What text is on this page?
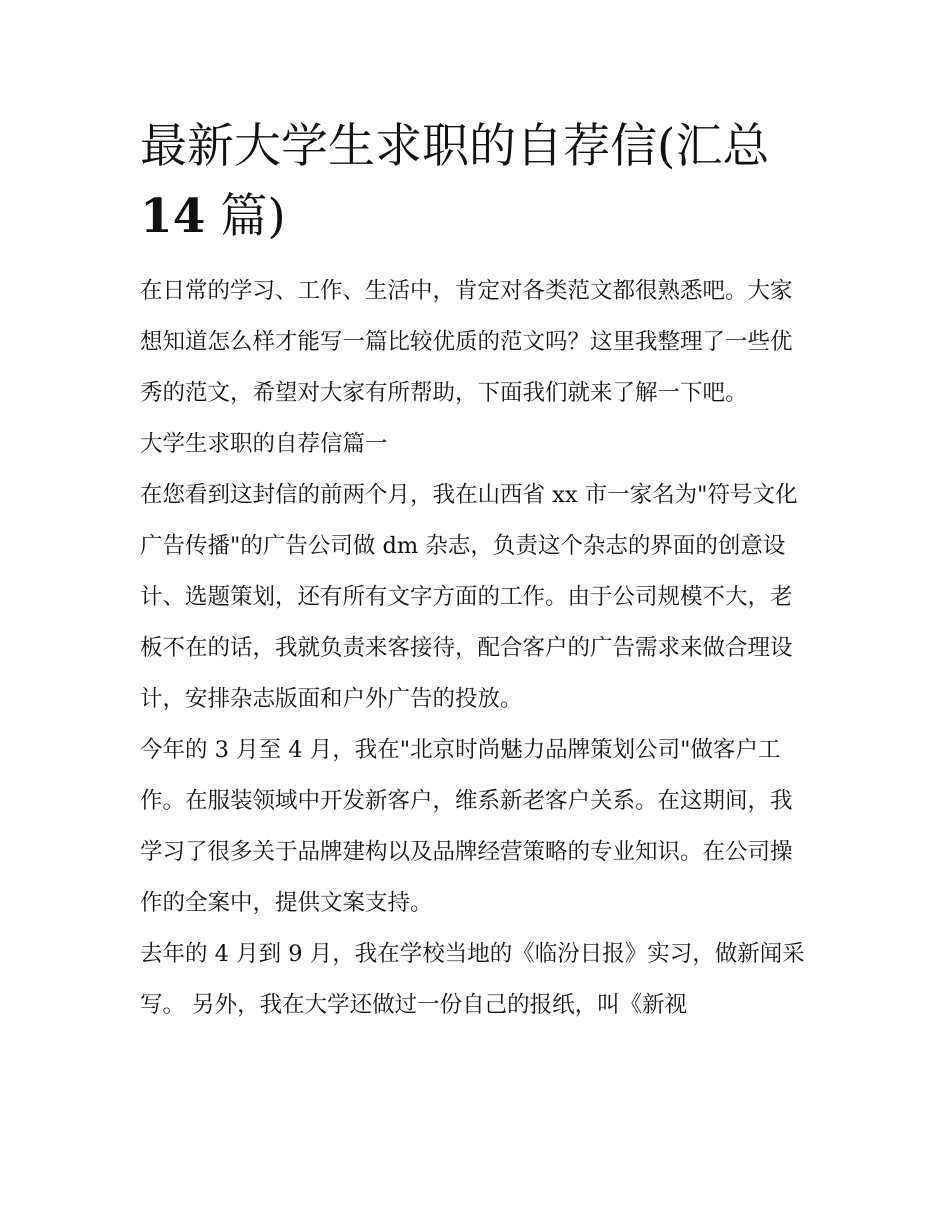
最新大学生求职的自荐信(汇总
14 篇)

在日常的学习、工作、生活中，肯定对各类范文都很熟悉吧。大家想知道怎么样才能写一篇比较优质的范文吗？这里我整理了一些优秀的范文，希望对大家有所帮助，下面我们就来了解一下吧。

大学生求职的自荐信篇一

在您看到这封信的前两个月，我在山西省 xx 市一家名为"符号文化广告传播"的广告公司做 dm 杂志，负责这个杂志的界面的创意设计、选题策划，还有所有文字方面的工作。由于公司规模不大，老板不在的话，我就负责来客接待，配合客户的广告需求来做合理设计，安排杂志版面和户外广告的投放。

今年的 3 月至 4 月，我在"北京时尚魅力品牌策划公司"做客户工作。在服装领域中开发新客户，维系新老客户关系。在这期间，我学习了很多关于品牌建构以及品牌经营策略的专业知识。在公司操作的全案中，提供文案支持。

去年的 4 月到 9 月，我在学校当地的《临汾日报》实习，做新闻采写。 另外，我在大学还做过一份自己的报纸，叫《新视
